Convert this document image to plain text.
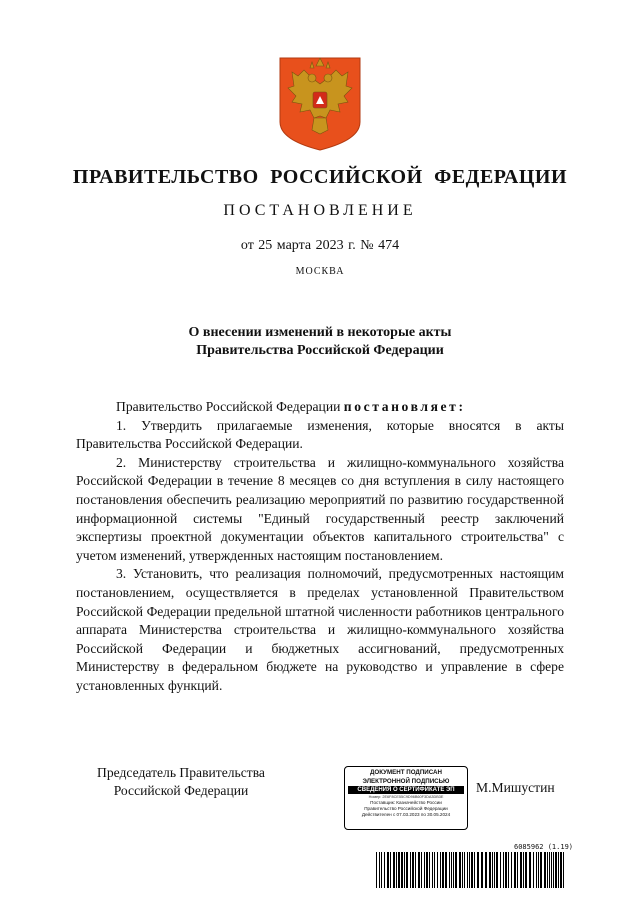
ПРАВИТЕЛЬСТВО РОССИЙСКОЙ ФЕДЕРАЦИИ
ПОСТАНОВЛЕНИЕ
от 25 марта 2023 г. № 474
МОСКВА
О внесении изменений в некоторые акты
Правительства Российской Федерации

Правительство Российской Федерации постановляет:

1. Утвердить прилагаемые изменения, которые вносятся в акты Правительства Российской Федерации.

2. Министерству строительства и жилищно-коммунального хозяйства Российской Федерации в течение 8 месяцев со дня вступления в силу настоящего постановления обеспечить реализацию мероприятий по развитию государственной информационной системы "Единый государственный реестр заключений экспертизы проектной документации объектов капитального строительства" с учетом изменений, утвержденных настоящим постановлением.

3. Установить, что реализация полномочий, предусмотренных настоящим постановлением, осуществляется в пределах установленной Правительством Российской Федерации предельной штатной численности работников центрального аппарата Министерства строительства и жилищно-коммунального хозяйства Российской Федерации и бюджетных ассигнований, предусмотренных Министерству в федеральном бюджете на руководство и управление в сфере установленных функций.

Председатель Правительства
Российской Федерации
ДОКУМЕНТ ПОДПИСАН
ЭЛЕКТРОННОЙ ПОДПИСЬЮ
СВЕДЕНИЯ О СЕРТИФИКАТЕ ЭП
Номер: 2E6F8CE55C9D96B60F3DA3DB3E
Поставщик: Казначейство России
Правительство Российской Федерации
Действителен с 07.03.2023 по 30.05.2024
М.Мишустин
6085962 (1.19)
